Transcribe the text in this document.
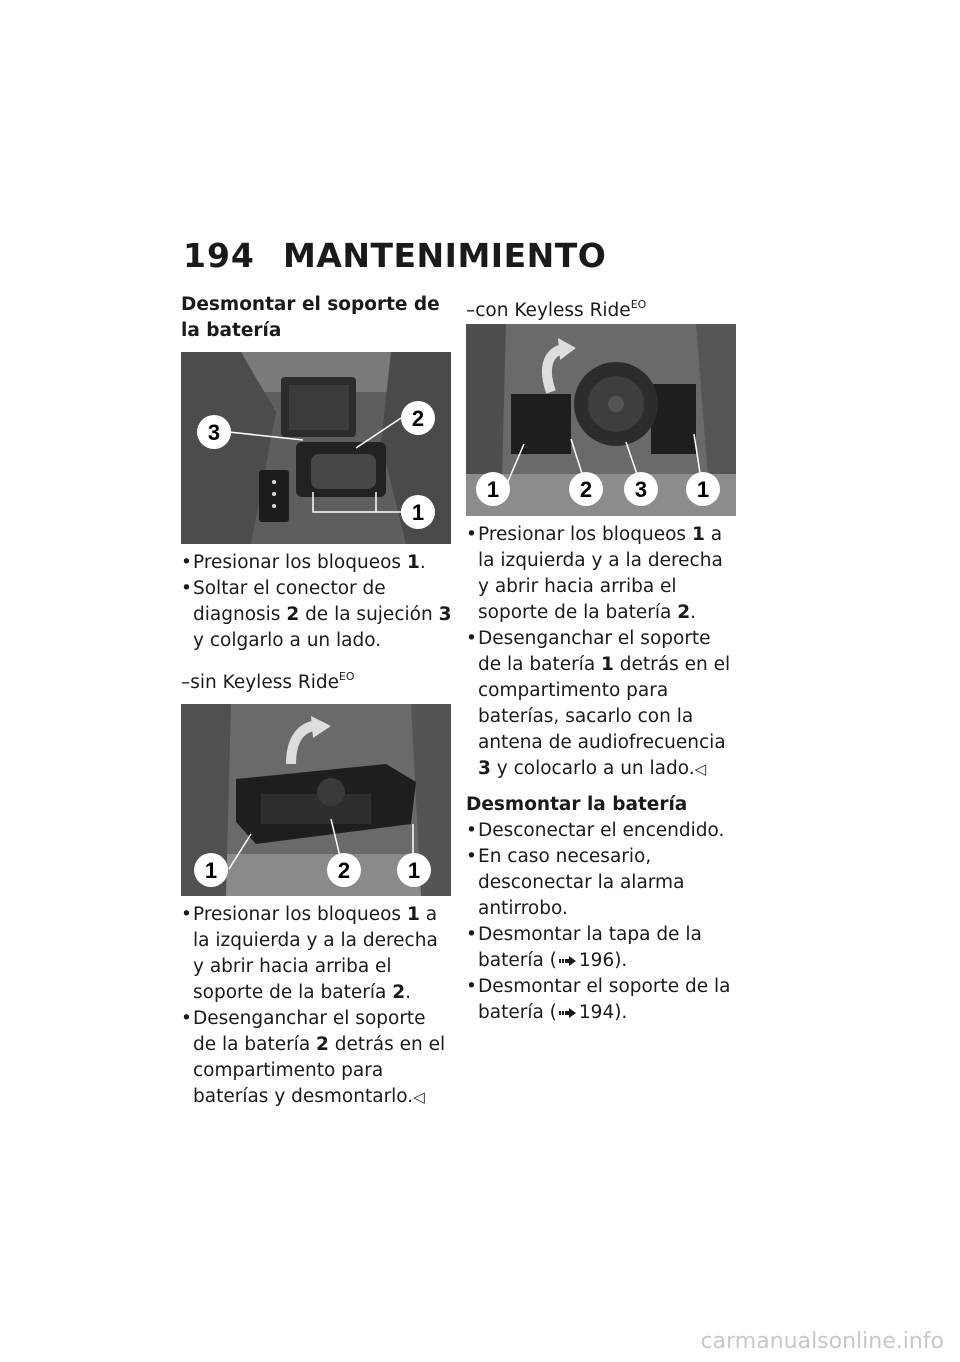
194 MANTENIMIENTO

Desmontar el soporte de la batería

3
2
1
• Presionar los bloqueos 1.
• Soltar el conector de diagnosis 2 de la sujeción 3 y colgarlo a un lado.

–sin Keyless Ride$^{EO}$

1	2	1
• Presionar los bloqueos 1 a la izquierda y a la derecha y abrir hacia arriba el soporte de la batería 2.
• Desenganchar el soporte de la batería 2 detrás en el compartimento para baterías y desmontarlo.◁

–con Keyless Ride$^{EO}$

1	2 3 1
• Presionar los bloqueos 1 a la izquierda y a la derecha y abrir hacia arriba el soporte de la batería 2.
• Desenganchar el soporte de la batería 1 detrás en el compartimento para baterías, sacarlo con la antena de audiofrecuencia 3 y colocarlo a un lado.◁

Desmontar la batería

• Desconectar el encendido.
• En caso necesario, desconectar la alarma antirrobo.
• Desmontar la tapa de la batería ( 196).
• Desmontar el soporte de la batería ( 194).
carmanualsonline.info
